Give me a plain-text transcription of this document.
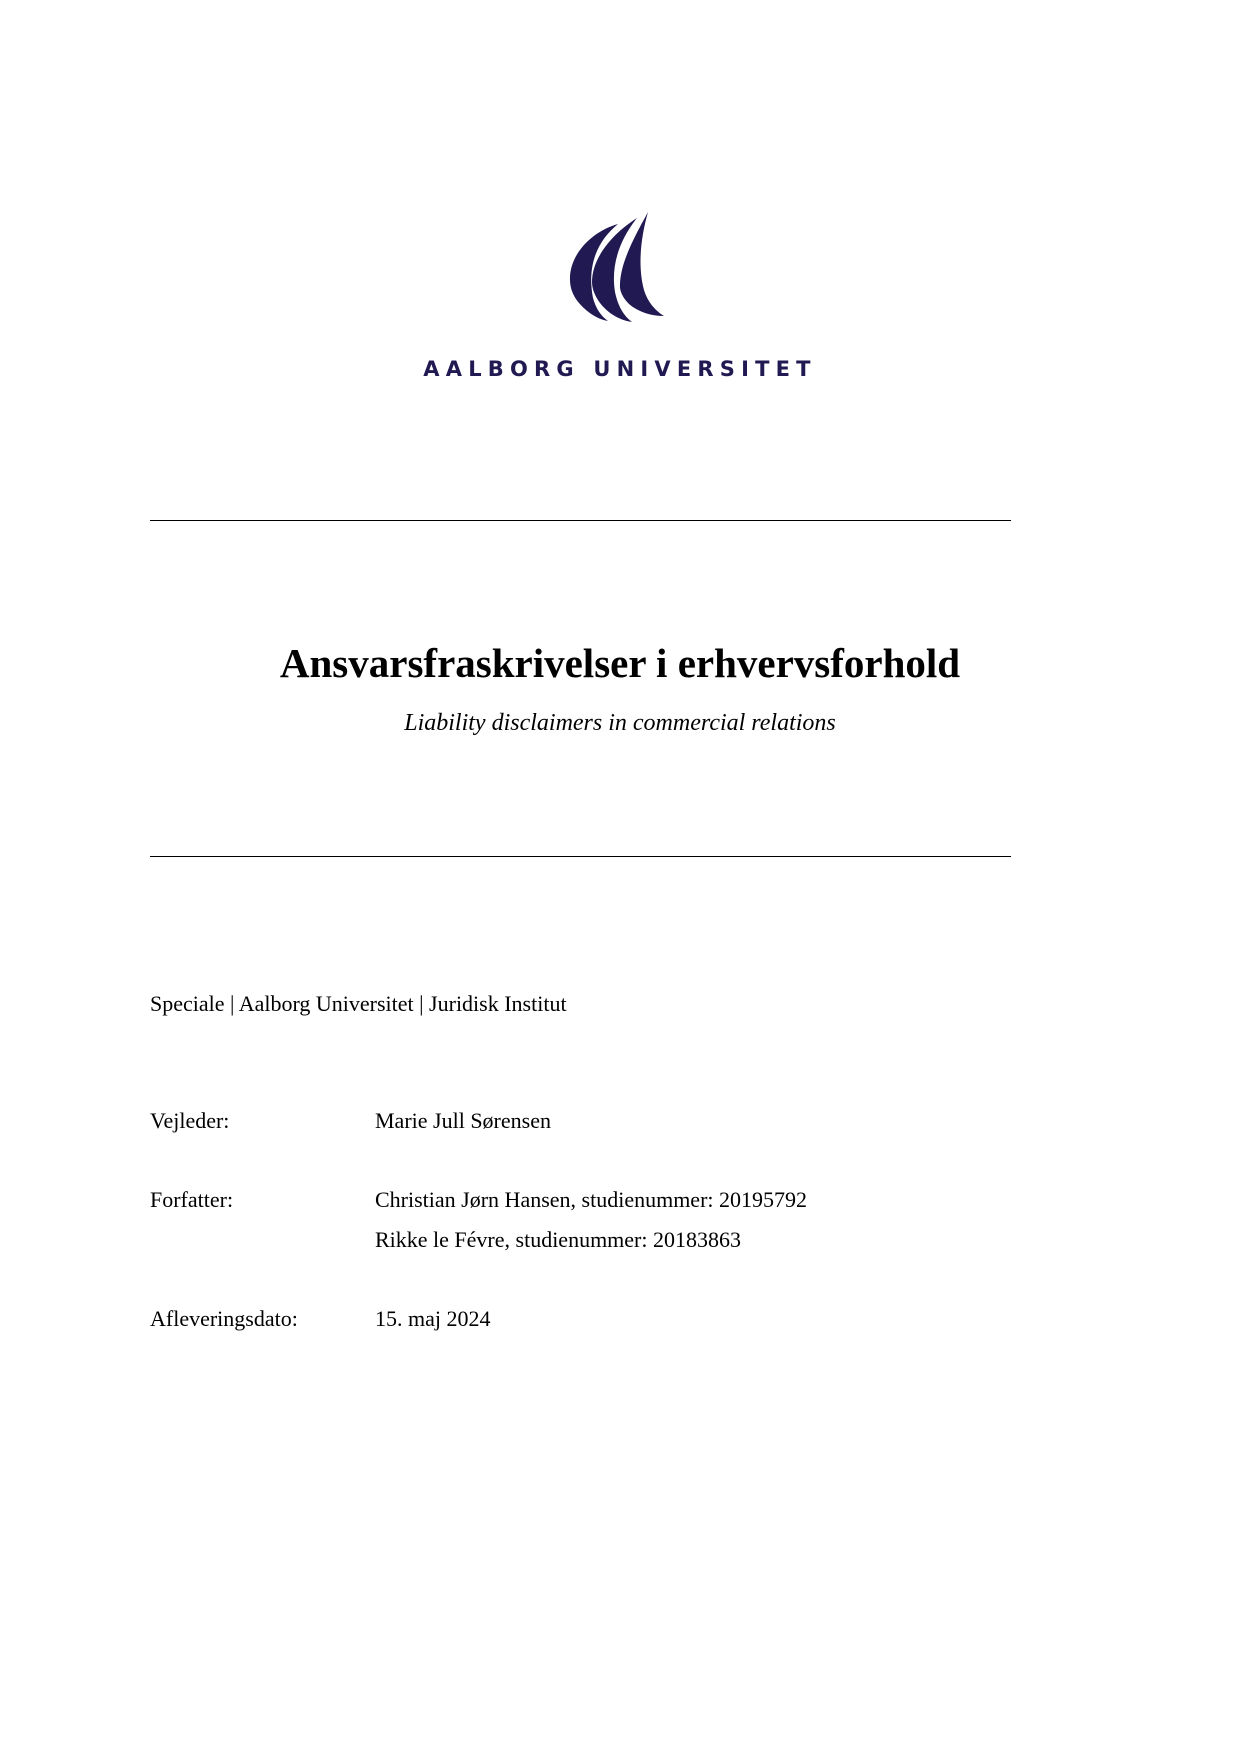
AALBORG UNIVERSITET
Ansvarsfraskrivelser i erhvervsforhold
Liability disclaimers in commercial relations
Speciale | Aalborg Universitet | Juridisk Institut
Vejleder:	Marie Jull Sørensen
Forfatter:	Christian Jørn Hansen, studienummer: 20195792
Rikke le Févre, studienummer: 20183863
Afleveringsdato:	15. maj 2024
